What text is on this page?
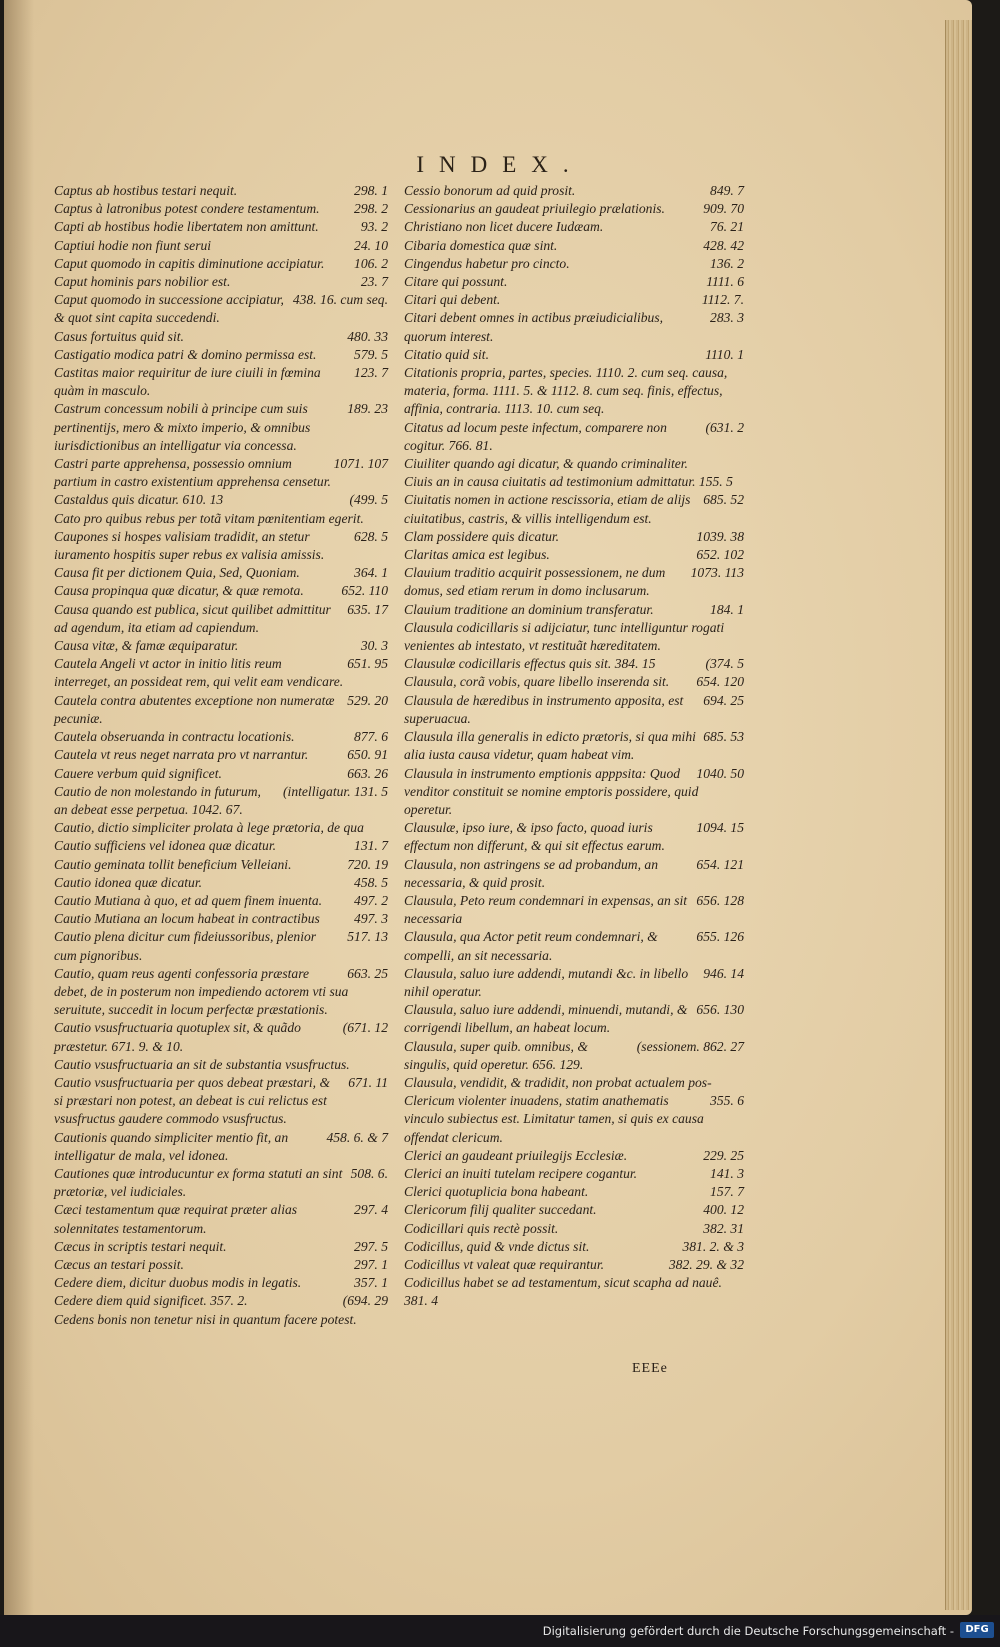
INDEX.
298. 1
Captus ab hostibus testari nequit.
298. 2
Captus à latronibus potest condere testamentum.
93. 2
Capti ab hostibus hodie libertatem non amittunt.
24. 10
Captiui hodie non fiunt serui
106. 2
Caput quomodo in capitis diminutione accipiatur.
23. 7
Caput hominis pars nobilior est.
438. 16. cum seq.
Caput quomodo in successione accipiatur, & quot sint capita succedendi.
480. 33
Casus fortuitus quid sit.
579. 5
Castigatio modica patri & domino permissa est.
123. 7
Castitas maior requiritur de iure ciuili in fœmina quàm in masculo.
189. 23
Castrum concessum nobili à principe cum suis pertinentijs, mero & mixto imperio, & omnibus iurisdictionibus an intelligatur via concessa.
1071. 107
Castri parte apprehensa, possessio omnium partium in castro existentium apprehensa censetur.
(499. 5
Castaldus quis dicatur. 610. 13
Cato pro quibus rebus per totã vitam pœnitentiam egerit.
628. 5
Caupones si hospes valisiam tradidit, an stetur iuramento hospitis super rebus ex valisia amissis.
364. 1
Causa fit per dictionem Quia, Sed, Quoniam.
652. 110
Causa propinqua quæ dicatur, & quæ remota.
635. 17
Causa quando est publica, sicut quilibet admittitur ad agendum, ita etiam ad capiendum.
30. 3
Causa vitæ, & famæ æquiparatur.
651. 95
Cautela Angeli vt actor in initio litis reum interreget, an possideat rem, qui velit eam vendicare.
529. 20
Cautela contra abutentes exceptione non numeratæ pecuniæ.
877. 6
Cautela obseruanda in contractu locationis.
650. 91
Cautela vt reus neget narrata pro vt narrantur.
663. 26
Cauere verbum quid significet.
(intelligatur. 131. 5
Cautio de non molestando in futurum, an debeat esse perpetua. 1042. 67.
Cautio, dictio simpliciter prolata à lege prætoria, de qua
131. 7
Cautio sufficiens vel idonea quæ dicatur.
720. 19
Cautio geminata tollit beneficium Velleiani.
458. 5
Cautio idonea quæ dicatur.
497. 2
Cautio Mutiana à quo, et ad quem finem inuenta.
497. 3
Cautio Mutiana an locum habeat in contractibus
517. 13
Cautio plena dicitur cum fideiussoribus, plenior cum pignoribus.
663. 25
Cautio, quam reus agenti confessoria præstare debet, de in posterum non impediendo actorem vti sua seruitute, succedit in locum perfectæ præstationis.
(671. 12
Cautio vsusfructuaria quotuplex sit, & quãdo præstetur. 671. 9. & 10.
Cautio vsusfructuaria an sit de substantia vsusfructus.
671. 11
Cautio vsusfructuaria per quos debeat præstari, & si præstari non potest, an debeat is cui relictus est vsusfructus gaudere commodo vsusfructus.
458. 6. & 7
Cautionis quando simpliciter mentio fit, an intelligatur de mala, vel idonea.
508. 6.
Cautiones quæ introducuntur ex forma statuti an sint prætoriæ, vel iudiciales.
297. 4
Cæci testamentum quæ requirat præter alias solennitates testamentorum.
297. 5
Cæcus in scriptis testari nequit.
297. 1
Cæcus an testari possit.
357. 1
Cedere diem, dicitur duobus modis in legatis.
(694. 29
Cedere diem quid significet. 357. 2.
Cedens bonis non tenetur nisi in quantum facere potest.
849. 7
Cessio bonorum ad quid prosit.
909. 70
Cessionarius an gaudeat priuilegio prælationis.
76. 21
Christiano non licet ducere Iudæam.
428. 42
Cibaria domestica quæ sint.
136. 2
Cingendus habetur pro cincto.
1111. 6
Citare qui possunt.
1112. 7.
Citari qui debent.
283. 3
Citari debent omnes in actibus præiudicialibus, quorum interest.
1110. 1
Citatio quid sit.
Citationis propria, partes, species. 1110. 2. cum seq. causa, materia, forma. 1111. 5. & 1112. 8. cum seq. finis, effectus, affinia, contraria. 1113. 10. cum seq.
(631. 2
Citatus ad locum peste infectum, comparere non cogitur. 766. 81.
Ciuiliter quando agi dicatur, & quando criminaliter.
Ciuis an in causa ciuitatis ad testimonium admittatur. 155. 5
685. 52
Ciuitatis nomen in actione rescissoria, etiam de alijs ciuitatibus, castris, & villis intelligendum est.
1039. 38
Clam possidere quis dicatur.
652. 102
Claritas amica est legibus.
1073. 113
Clauium traditio acquirit possessionem, ne dum domus, sed etiam rerum in domo inclusarum.
184. 1
Clauium traditione an dominium transferatur.
Clausula codicillaris si adijciatur, tunc intelliguntur rogati venientes ab intestato, vt restituãt hæreditatem.
(374. 5
Clausulæ codicillaris effectus quis sit. 384. 15
654. 120
Clausula, corã vobis, quare libello inserenda sit.
694. 25
Clausula de hæredibus in instrumento apposita, est superuacua.
685. 53
Clausula illa generalis in edicto prætoris, si qua mihi alia iusta causa videtur, quam habeat vim.
1040. 50
Clausula in instrumento emptionis apppsita: Quod venditor constituit se nomine emptoris possidere, quid operetur.
1094. 15
Clausulæ, ipso iure, & ipso facto, quoad iuris effectum non differunt, & qui sit effectus earum.
654. 121
Clausula, non astringens se ad probandum, an necessaria, & quid prosit.
656. 128
Clausula, Peto reum condemnari in expensas, an sit necessaria
655. 126
Clausula, qua Actor petit reum condemnari, & compelli, an sit necessaria.
946. 14
Clausula, saluo iure addendi, mutandi &c. in libello nihil operatur.
656. 130
Clausula, saluo iure addendi, minuendi, mutandi, & corrigendi libellum, an habeat locum.
(sessionem. 862. 27
Clausula, super quib. omnibus, & singulis, quid operetur. 656. 129.
Clausula, vendidit, & tradidit, non probat actualem pos-
355. 6
Clericum violenter inuadens, statim anathematis vinculo subiectus est. Limitatur tamen, si quis ex causa offendat clericum.
229. 25
Clerici an gaudeant priuilegijs Ecclesiæ.
141. 3
Clerici an inuiti tutelam recipere cogantur.
157. 7
Clerici quotuplicia bona habeant.
400. 12
Clericorum filij qualiter succedant.
382. 31
Codicillari quis rectè possit.
381. 2. & 3
Codicillus, quid & vnde dictus sit.
382. 29. & 32
Codicillus vt valeat quæ requirantur.
Codicillus habet se ad testamentum, sicut scapha ad nauê. 381. 4
EEEe
Digitalisierung gefördert durch die Deutsche Forschungsgemeinschaft -	DFG
